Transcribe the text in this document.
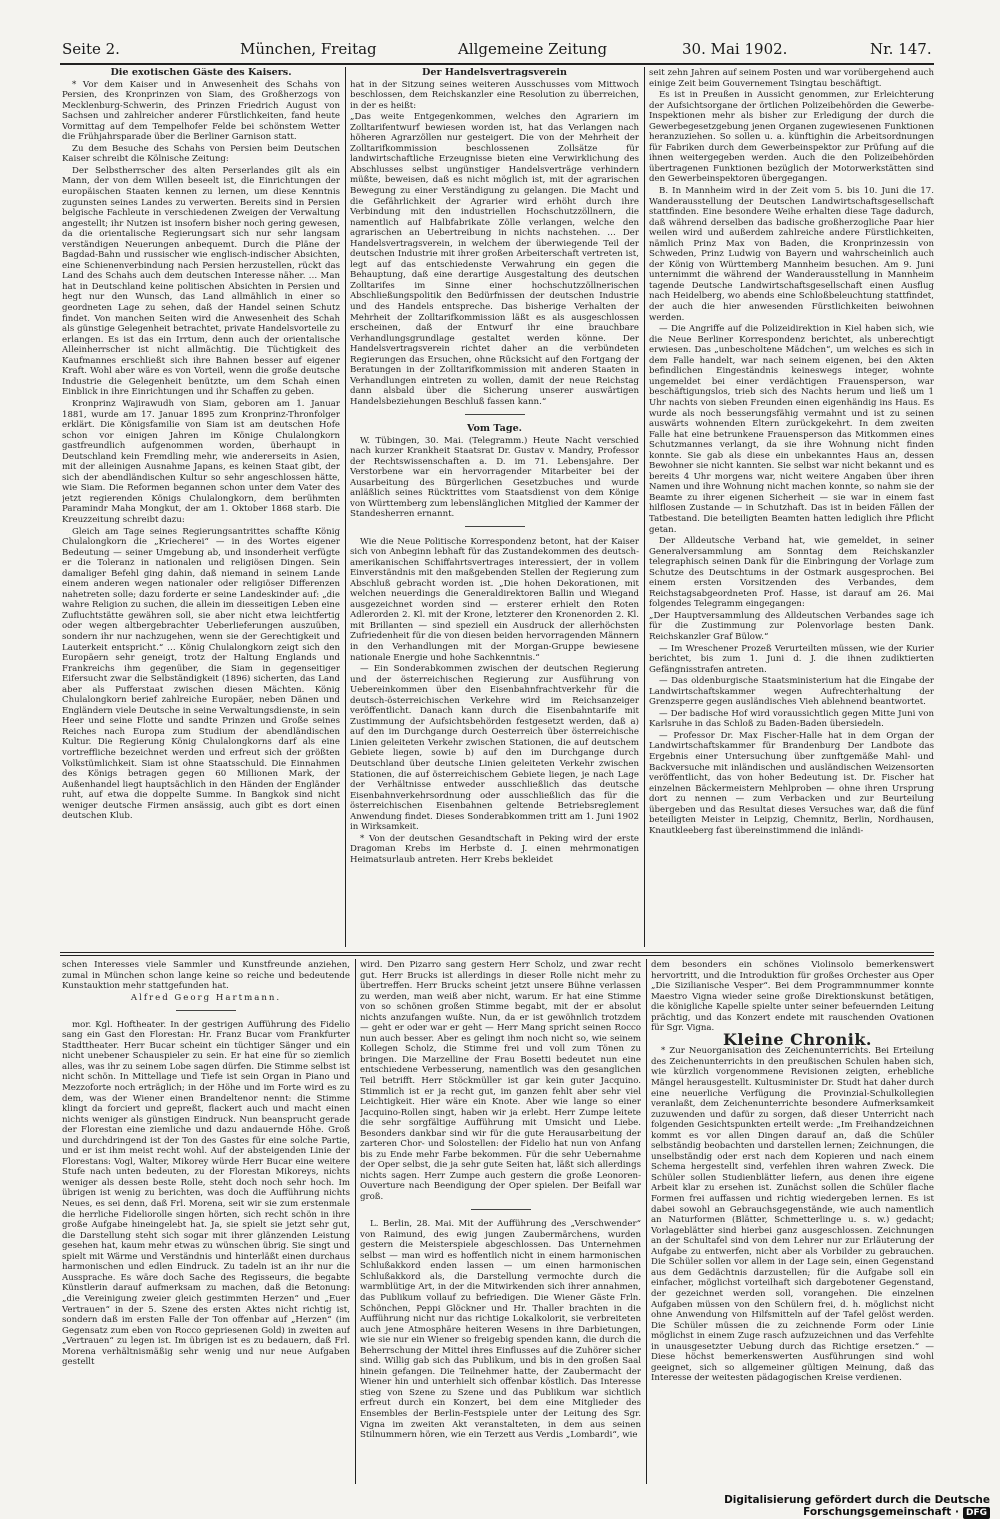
Seite 2.	München, Freitag	Allgemeine Zeitung	30. Mai 1902.	Nr. 147.

Die exotischen Gäste des Kaisers.

* Vor dem Kaiser und in Anwesenheit des Schahs von Persien, des Kronprinzen von Siam, des Großherzogs von Mecklenburg-Schwerin, des Prinzen Friedrich August von Sachsen und zahlreicher anderer Fürstlichkeiten, fand heute Vormittag auf dem Tempelhofer Felde bei schönstem Wetter die Frühjahrsparade über die Berliner Garnison statt.

Zu dem Besuche des Schahs von Persien beim Deutschen Kaiser schreibt die Kölnische Zeitung:

Der Selbstherrscher des alten Perserlandes gilt als ein Mann, der von dem Willen beseelt ist, die Einrichtungen der europäischen Staaten kennen zu lernen, um diese Kenntnis zugunsten seines Landes zu verwerten. Bereits sind in Persien belgische Fachleute in verschiedenen Zweigen der Verwaltung angestellt; ihr Nutzen ist insofern bisher noch gering gewesen, da die orientalische Regierungsart sich nur sehr langsam verständigen Neuerungen anbequemt. Durch die Pläne der Bagdad-Bahn und russischer wie englisch-indischer Absichten, eine Schienenverbindung nach Persien herzustellen, rückt das Land des Schahs auch dem deutschen Interesse näher. … Man hat in Deutschland keine politischen Absichten in Persien und hegt nur den Wunsch, das Land allmählich in einer so geordneten Lage zu sehen, daß der Handel seinen Schutz findet. Von manchen Seiten wird die Anwesenheit des Schah als günstige Gelegenheit betrachtet, private Handelsvorteile zu erlangen. Es ist das ein Irrtum, denn auch der orientalische Alleinherrscher ist nicht allmächtig. Die Tüchtigkeit des Kaufmannes erschließt sich ihre Bahnen besser auf eigener Kraft. Wohl aber wäre es von Vorteil, wenn die große deutsche Industrie die Gelegenheit benützte, um dem Schah einen Einblick in ihre Einrichtungen und ihr Schaffen zu geben.

Kronprinz Wajirawudh von Siam, geboren am 1. Januar 1881, wurde am 17. Januar 1895 zum Kronprinz-Thronfolger erklärt. Die Königsfamilie von Siam ist am deutschen Hofe schon vor einigen Jahren im Könige Chulalongkorn gastfreundlich aufgenommen worden, überhaupt in Deutschland kein Fremdling mehr, wie andererseits in Asien, mit der alleinigen Ausnahme Japans, es keinen Staat gibt, der sich der abendländischen Kultur so sehr angeschlossen hätte, wie Siam. Die Reformen begannen schon unter dem Vater des jetzt regierenden Königs Chulalongkorn, dem berühmten Paramindr Maha Mongkut, der am 1. Oktober 1868 starb. Die Kreuzzeitung schreibt dazu:

Gleich am Tage seines Regierungsantrittes schaffte König Chulalongkorn die „Kriecherei“ — in des Wortes eigener Bedeutung — seiner Umgebung ab, und insonderheit verfügte er die Toleranz in nationalen und religiösen Dingen. Sein damaliger Befehl ging dahin, daß niemand in seinem Lande einem anderen wegen nationaler oder religiöser Differenzen nahetreten solle; dazu forderte er seine Landeskinder auf: „die wahre Religion zu suchen, die allein im diesseitigen Leben eine Zufluchtstätte gewähren soll, sie aber nicht etwa leichtfertig oder wegen altbergebrachter Ueberlieferungen auszuüben, sondern ihr nur nachzugehen, wenn sie der Gerechtigkeit und Lauterkeit entspricht.“ … König Chulalongkorn zeigt sich den Europäern sehr geneigt, trotz der Haltung Englands und Frankreichs ihm gegenüber, die Siam in gegenseitiger Eifersucht zwar die Selbständigkeit (1896) sicherten, das Land aber als Pufferstaat zwischen diesen Mächten. König Chulalongkorn berief zahlreiche Europäer, neben Dänen und Engländern viele Deutsche in seine Verwaltungsdienste, in sein Heer und seine Flotte und sandte Prinzen und Große seines Reiches nach Europa zum Studium der abendländischen Kultur. Die Regierung König Chulalongkorns darf als eine vortreffliche bezeichnet werden und erfreut sich der größten Volkstümlichkeit. Siam ist ohne Staatsschuld. Die Einnahmen des Königs betragen gegen 60 Millionen Mark, der Außenhandel liegt hauptsächlich in den Händen der Engländer ruht, auf etwa die doppelte Summe. In Bangkok sind nicht weniger deutsche Firmen ansässig, auch gibt es dort einen deutschen Klub.

Der Handelsvertragsverein

hat in der Sitzung seines weiteren Ausschusses vom Mittwoch beschlossen, dem Reichskanzler eine Resolution zu überreichen, in der es heißt:

„Das weite Entgegenkommen, welches den Agrariern im Zolltarifentwurf bewiesen worden ist, hat das Verlangen nach höheren Agrarzöllen nur gesteigert. Die von der Mehrheit der Zolltarifkommission beschlossenen Zollsätze für landwirtschaftliche Erzeugnisse bieten eine Verwirklichung des Abschlusses selbst ungünstiger Handelsverträge verhindern müßte, beweisen, daß es nicht möglich ist, mit der agrarischen Bewegung zu einer Verständigung zu gelangen. Die Macht und die Gefährlichkeit der Agrarier wird erhöht durch ihre Verbindung mit den industriellen Hochschutzzöllnern, die namentlich auf Halbfabrikate Zölle verlangen, welche den agrarischen an Uebertreibung in nichts nachstehen. … Der Handelsvertragsverein, in welchem der überwiegende Teil der deutschen Industrie mit ihrer großen Arbeiterschaft vertreten ist, legt auf das entschiedenste Verwahrung ein gegen die Behauptung, daß eine derartige Ausgestaltung des deutschen Zolltarifes im Sinne einer hochschutzzöllnerischen Abschließungspolitik den Bedürfnissen der deutschen Industrie und des Handels entspreche. Das bisherige Verhalten der Mehrheit der Zolltarifkommission läßt es als ausgeschlossen erscheinen, daß der Entwurf ihr eine brauchbare Verhandlungsgrundlage gestaltet werden könne. Der Handelsvertragsverein richtet daher an die verbündeten Regierungen das Ersuchen, ohne Rücksicht auf den Fortgang der Beratungen in der Zolltarifkommission mit anderen Staaten in Verhandlungen eintreten zu wollen, damit der neue Reichstag dann alsbald über die Sicherung unserer auswärtigen Handelsbeziehungen Beschluß fassen kann.“

Vom Tage.

W. Tübingen, 30. Mai. (Telegramm.) Heute Nacht verschied nach kurzer Krankheit Staatsrat Dr. Gustav v. Mandry, Professor der Rechtswissenschaften a. D. im 71. Lebensjahre. Der Verstorbene war ein hervorragender Mitarbeiter bei der Ausarbeitung des Bürgerlichen Gesetzbuches und wurde anläßlich seines Rücktrittes vom Staatsdienst von dem Könige von Württemberg zum lebenslänglichen Mitglied der Kammer der Standesherren ernannt.

Wie die Neue Politische Korrespondenz betont, hat der Kaiser sich von Anbeginn lebhaft für das Zustandekommen des deutsch-amerikanischen Schiffahrtsvertrages interessiert, der in vollem Einverständnis mit den maßgebenden Stellen der Regierung zum Abschluß gebracht worden ist. „Die hohen Dekorationen, mit welchen neuerdings die Generaldirektoren Ballin und Wiegand ausgezeichnet worden sind — ersterer erhielt den Roten Adlerorden 2. Kl. mit der Krone, letzterer den Kronenorden 2. Kl. mit Brillanten — sind speziell ein Ausdruck der allerhöchsten Zufriedenheit für die von diesen beiden hervorragenden Männern in den Verhandlungen mit der Morgan-Gruppe bewiesene nationale Energie und hohe Sachkenntnis.“

— Ein Sonderabkommen zwischen der deutschen Regierung und der österreichischen Regierung zur Ausführung von Uebereinkommen über den Eisenbahnfrachtverkehr für die deutsch-österreichischen Verkehre wird im Reichsanzeiger veröffentlicht. Danach kann durch die Eisenbahntarife mit Zustimmung der Aufsichtsbehörden festgesetzt werden, daß a) auf den im Durchgange durch Oesterreich über österreichische Linien geleiteten Verkehr zwischen Stationen, die auf deutschem Gebiete liegen, sowie b) auf den im Durchgange durch Deutschland über deutsche Linien geleiteten Verkehr zwischen Stationen, die auf österreichischem Gebiete liegen, je nach Lage der Verhältnisse entweder ausschließlich das deutsche Eisenbahnverkehrsordnung oder ausschließlich das für die österreichischen Eisenbahnen geltende Betriebsreglement Anwendung findet. Dieses Sonderabkommen tritt am 1. Juni 1902 in Wirksamkeit.

* Von der deutschen Gesandtschaft in Peking wird der erste Dragoman Krebs im Herbste d. J. einen mehrmonatigen Heimatsurlaub antreten. Herr Krebs bekleidet

seit zehn Jahren auf seinem Posten und war vorübergehend auch einige Zeit beim Gouvernement Tsingtau beschäftigt.

Es ist in Preußen in Aussicht genommen, zur Erleichterung der Aufsichtsorgane der örtlichen Polizeibehörden die Gewerbe-Inspektionen mehr als bisher zur Erledigung der durch die Gewerbegesetzgebung jenen Organen zugewiesenen Funktionen heranzuziehen. So sollen u. a. künftighin die Arbeitsordnungen für Fabriken durch dem Gewerbeinspektor zur Prüfung auf die ihnen weitergegeben werden. Auch die den Polizeibehörden übertragenen Funktionen bezüglich der Motorwerkstätten sind den Gewerbeinspektoren übergegangen.

B. In Mannheim wird in der Zeit vom 5. bis 10. Juni die 17. Wanderausstellung der Deutschen Landwirtschaftsgesellschaft stattfinden. Eine besondere Weihe erhalten diese Tage dadurch, daß während derselben das badische großherzogliche Paar hier weilen wird und außerdem zahlreiche andere Fürstlichkeiten, nämlich Prinz Max von Baden, die Kronprinzessin von Schweden, Prinz Ludwig von Bayern und wahrscheinlich auch der König von Württemberg Mannheim besuchen. Am 9. Juni unternimmt die während der Wanderausstellung in Mannheim tagende Deutsche Landwirtschaftsgesellschaft einen Ausflug nach Heidelberg, wo abends eine Schloßbeleuchtung stattfindet, der auch die hier anwesenden Fürstlichkeiten beiwohnen werden.

— Die Angriffe auf die Polizeidirektion in Kiel haben sich, wie die Neue Berliner Korrespondenz berichtet, als unberechtigt erwiesen. Das „unbescholtene Mädchen“, um welches es sich in dem Falle handelt, war nach seinem eigenen, bei den Akten befindlichen Eingeständnis keineswegs integer, wohnte ungemeldet bei einer verdächtigen Frauensperson, war beschäftigungslos, trieb sich des Nachts herum und ließ um 1 Uhr nachts von sieben Freunden einen eigenhändig ins Haus. Es wurde als noch besserungsfähig vermahnt und ist zu seinen auswärts wohnenden Eltern zurückgekehrt. In dem zweiten Falle hat eine betrunkene Frauensperson das Mitkommen eines Schutzmannes verlangt, da sie ihre Wohnung nicht finden konnte. Sie gab als diese ein unbekanntes Haus an, dessen Bewohner sie nicht kannten. Sie selbst war nicht bekannt und es bereits 4 Uhr morgens war, nicht weitere Angaben über ihren Namen und ihre Wohnung nicht machen konnte, so nahm sie der Beamte zu ihrer eigenen Sicherheit — sie war in einem fast hilflosen Zustande — in Schutzhaft. Das ist in beiden Fällen der Tatbestand. Die beteiligten Beamten hatten lediglich ihre Pflicht getan.

Der Alldeutsche Verband hat, wie gemeldet, in seiner Generalversammlung am Sonntag dem Reichskanzler telegraphisch seinen Dank für die Einbringung der Vorlage zum Schutze des Deutschtums in der Ostmark ausgesprochen. Bei einem ersten Vorsitzenden des Verbandes, dem Reichstagsabgeordneten Prof. Hasse, ist darauf am 26. Mai folgendes Telegramm eingegangen:

„Der Hauptversammlung des Alldeutschen Verbandes sage ich für die Zustimmung zur Polenvorlage besten Dank. Reichskanzler Graf Bülow.“

— Im Wreschener Prozeß Verurteilten müssen, wie der Kurier berichtet, bis zum 1. Juni d. J. die ihnen zudiktierten Gefängnisstrafen antreten.

— Das oldenburgische Staatsministerium hat die Eingabe der Landwirtschaftskammer wegen Aufrechterhaltung der Grenzsperre gegen ausländisches Vieh ablehnend beantwortet.

— Der badische Hof wird voraussichtlich gegen Mitte Juni von Karlsruhe in das Schloß zu Baden-Baden übersiedeln.

— Professor Dr. Max Fischer-Halle hat in dem Organ der Landwirtschaftskammer für Brandenburg Der Landbote das Ergebnis einer Untersuchung über zunftgemäße Mahl- und Backversuche mit inländischen und ausländischen Weizensorten veröffentlicht, das von hoher Bedeutung ist. Dr. Fischer hat einzelnen Bäckermeistern Mehlproben — ohne ihren Ursprung dort zu nennen — zum Verbacken und zur Beurteilung übergeben und das Resultat dieses Versuches war, daß die fünf beteiligten Meister in Leipzig, Chemnitz, Berlin, Nordhausen, Knautkleeberg fast übereinstimmend die inländi-

schen Interesses viele Sammler und Kunstfreunde anziehen, zumal in München schon lange keine so reiche und bedeutende Kunstauktion mehr stattgefunden hat.

Alfred Georg Hartmann.

mor. Kgl. Hoftheater. In der gestrigen Aufführung des Fidelio sang ein Gast den Florestan: Hr. Franz Bucar vom Frankfurter Stadttheater. Herr Bucar scheint ein tüchtiger Sänger und ein nicht unebener Schauspieler zu sein. Er hat eine für so ziemlich alles, was ihr zu seinem Lobe sagen dürfen. Die Stimme selbst ist nicht schön. In Mittellage und Tiefe ist sein Organ in Piano und Mezzoforte noch erträglich; in der Höhe und im Forte wird es zu dem, was der Wiener einen Brandeltenor nennt: die Stimme klingt da forciert und gepreßt, flackert auch und macht einen nichts weniger als günstigen Eindruck. Nun beansprucht gerade der Florestan eine ziemliche und dazu andauernde Höhe. Groß und durchdringend ist der Ton des Gastes für eine solche Partie, und er ist ihm meist recht wohl. Auf der absteigenden Linie der Florestans: Vogl, Walter, Mikorey würde Herr Bucar eine weitere Stufe nach unten bedeuten, zu der Florestan Mikoreys, nichts weniger als dessen beste Rolle, steht doch noch sehr hoch. Im übrigen ist wenig zu berichten, was doch die Aufführung nichts Neues, es sei denn, daß Frl. Morena, seit wir sie zum erstenmale die herrliche Fideliorolle singen hörten, sich recht schön in ihre große Aufgabe hineingelebt hat. Ja, sie spielt sie jetzt sehr gut, die Darstellung steht sich sogar mit ihrer glänzenden Leistung gesehen hat, kaum mehr etwas zu wünschen übrig. Sie singt und spielt mit Wärme und Verständnis und hinterläßt einen durchaus harmonischen und edlen Eindruck. Zu tadeln ist an ihr nur die Aussprache. Es wäre doch Sache des Regisseurs, die begabte Künstlerin darauf aufmerksam zu machen, daß die Betonung: „die Vereinigung zweier gleich gestimmten Herzen“ und „Euer Vertrauen“ in der 5. Szene des ersten Aktes nicht richtig ist, sondern daß im ersten Falle der Ton offenbar auf „Herzen“ (im Gegensatz zum eben von Rocco gepriesenen Gold) in zweiten auf „Vertrauen“ zu legen ist. Im übrigen ist es zu bedauern, daß Frl. Morena verhältnismäßig sehr wenig und nur neue Aufgaben gestellt

wird. Den Pizarro sang gestern Herr Scholz, und zwar recht gut. Herr Brucks ist allerdings in dieser Rolle nicht mehr zu übertreffen. Herr Brucks scheint jetzt unsere Bühne verlassen zu werden, man weiß aber nicht, warum. Er hat eine Stimme von so schönen großen Stimme begabt, mit der er absolut nichts anzufangen wußte. Nun, da er ist gewöhnlich trotzdem — geht er oder war er geht — Herr Mang spricht seinen Rocco nun auch besser. Aber es gelingt ihm noch nicht so, wie seinem Kollegen Scholz, die Stimme frei und voll zum Tönen zu bringen. Die Marzelline der Frau Bosetti bedeutet nun eine entschiedene Verbesserung, namentlich was den gesanglichen Teil betrifft. Herr Stöckmüller ist gar kein guter Jacquino. Stimmlich ist er ja recht gut, im ganzen fehlt aber sehr viel Leichtigkeit. Hier wäre ein Knote. Aber wie lange so einer Jacquino-Rollen singt, haben wir ja erlebt. Herr Zumpe leitete die sehr sorgfältige Aufführung mit Umsicht und Liebe. Besonders dankbar sind wir für die gute Herausarbeitung der zarteren Chor- und Solostellen: der Fidelio hat nun von Anfang bis zu Ende mehr Farbe bekommen. Für die sehr Uebernahme der Oper selbst, die ja sehr gute Seiten hat, läßt sich allerdings nichts sagen. Herr Zumpe auch gestern die große Leonoren-Ouverture nach Beendigung der Oper spielen. Der Beifall war groß.

L. Berlin, 28. Mai. Mit der Aufführung des „Verschwender“ von Raimund, des ewig jungen Zaubermärchens, wurden gestern die Meisterspiele abgeschlossen. Das Unternehmen selbst — man wird es hoffentlich nicht in einem harmonischen Schlußakkord enden lassen — um einen harmonischen Schlußakkord als, die Darstellung vermochte durch die warmblütige Art, in der die Mitwirkenden sich ihrer annahmen, das Publikum vollauf zu befriedigen. Die Wiener Gäste Frln. Schönchen, Peppi Glöckner und Hr. Thaller brachten in die Aufführung nicht nur das richtige Lokalkolorit, sie verbreiteten auch jene Atmosphäre heiteren Wesens in ihre Darbietungen, wie sie nur ein Wiener so freigebig spenden kann, die durch die Beherrschung der Mittel ihres Einflusses auf die Zuhörer sicher sind. Willig gab sich das Publikum, und bis in den großen Saal hinein gefangen. Die Teilnehmer hatte, der Zaubermacht der Wiener hin und unterhielt sich offenbar köstlich. Das Interesse stieg von Szene zu Szene und das Publikum war sichtlich erfreut durch ein Konzert, bei dem eine Mitglieder des Ensembles der Berlin-Festspiele unter der Leitung des Sgr. Vigna im zweiten Akt veranstalteten, in dem aus seinen Stilnummern hören, wie ein Terzett aus Verdis „Lombardi“, wie

dem besonders ein schönes Violinsolo bemerkenswert hervortritt, und die Introduktion für großes Orchester aus Oper „Die Sizilianische Vesper“. Bei dem Programmnummer konnte Maestro Vigna wieder seine große Direktionskunst betätigen, die königliche Kapelle spielte unter seiner befeuernden Leitung prächtig, und das Konzert endete mit rauschenden Ovationen für Sgr. Vigna.

Kleine Chronik.

* Zur Neuorganisation des Zeichenunterrichts. Bei Erteilung des Zeichenunterrichts in den preußischen Schulen haben sich, wie kürzlich vorgenommene Revisionen zeigten, erhebliche Mängel herausgestellt. Kultusminister Dr. Studt hat daher durch eine neuerliche Verfügung die Provinzial-Schulkollegien veranlaßt, dem Zeichenunterrichte besondere Aufmerksamkeit zuzuwenden und dafür zu sorgen, daß dieser Unterricht nach folgenden Gesichtspunkten erteilt werde: „Im Freihandzeichnen kommt es vor allen Dingen darauf an, daß die Schüler selbständig beobachten und darstellen lernen; Zeichnungen, die unselbständig oder erst nach dem Kopieren und nach einem Schema hergestellt sind, verfehlen ihren wahren Zweck. Die Schüler sollen Studienblätter liefern, aus denen ihre eigene Arbeit klar zu ersehen ist. Zunächst sollen die Schüler flache Formen frei auffassen und richtig wiedergeben lernen. Es ist dabei sowohl an Gebrauchsgegenstände, wie auch namentlich an Naturformen (Blätter, Schmetterlinge u. s. w.) gedacht; Vorlageblätter sind hierbei ganz ausgeschlossen. Zeichnungen an der Schultafel sind von dem Lehrer nur zur Erläuterung der Aufgabe zu entwerfen, nicht aber als Vorbilder zu gebrauchen. Die Schüler sollen vor allem in der Lage sein, einen Gegenstand aus dem Gedächtnis darzustellen; für die Aufgabe soll ein einfacher, möglichst vorteilhaft sich dargebotener Gegenstand, der gezeichnet werden soll, vorangehen. Die einzelnen Aufgaben müssen von den Schülern frei, d. h. möglichst nicht ohne Anwendung von Hilfsmitteln auf der Tafel gelöst werden. Die Schüler müssen die zu zeichnende Form oder Linie möglichst in einem Zuge rasch aufzuzeichnen und das Verfehlte in unausgesetzter Uebung durch das Richtige ersetzen.“ — Diese höchst bemerkenswerten Ausführungen sind wohl geeignet, sich so allgemeiner gültigen Meinung, daß das Interesse der weitesten pädagogischen Kreise verdienen.

Digitalisierung gefördert durch die Deutsche Forschungsgemeinschaft · DFG
